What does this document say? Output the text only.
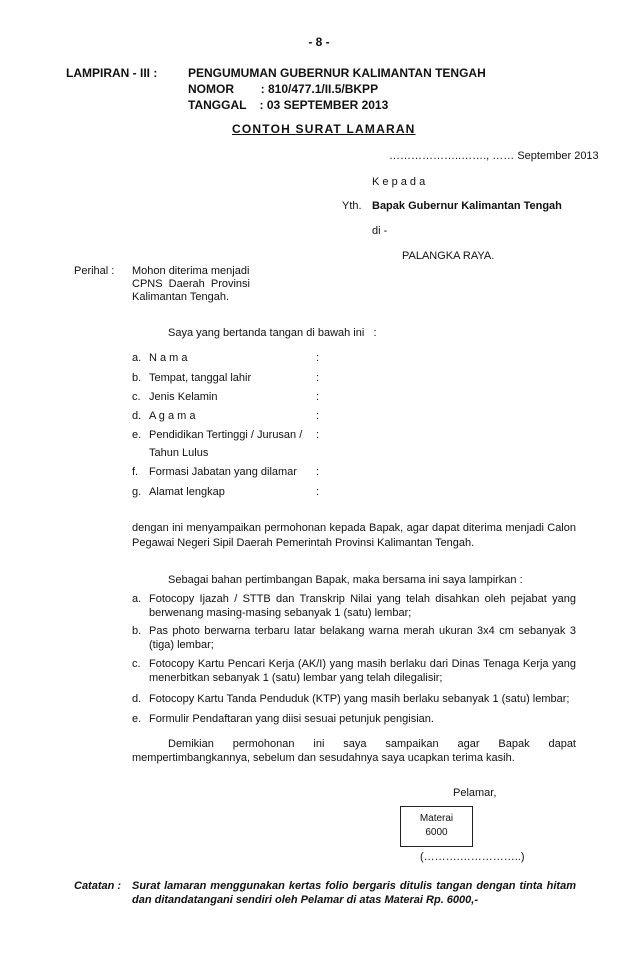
- 8 -
LAMPIRAN - III :	PENGUMUMAN GUBERNUR KALIMANTAN TENGAH
NOMOR        : 810/477.1/II.5/BKPP
TANGGAL    : 03 SEPTEMBER 2013
CONTOH SURAT LAMARAN
………………..……., …… September 2013
K e p a d a
Yth. Bapak Gubernur Kalimantan Tengah
di -
PALANGKA RAYA.
Perihal : Mohon diterima menjadi
CPNS  Daerah  Provinsi
Kalimantan Tengah.
Saya yang bertanda tangan di bawah ini   :
a. N a m a	:
b. Tempat, tanggal lahir	:
c. Jenis Kelamin	:
d. A g a m a	:
e. Pendidikan Tertinggi / Jurusan / :
Tahun Lulus
f. Formasi Jabatan yang dilamar :
g. Alamat lengkap	:
dengan ini menyampaikan permohonan kepada Bapak, agar dapat diterima menjadi Calon Pegawai Negeri Sipil Daerah Pemerintah Provinsi Kalimantan Tengah.
Sebagai bahan pertimbangan Bapak, maka bersama ini saya lampirkan :
a. Fotocopy Ijazah / STTB dan Transkrip Nilai yang telah disahkan oleh pejabat yang berwenang masing-masing sebanyak 1 (satu) lembar;
b. Pas photo berwarna terbaru latar belakang warna merah ukuran 3x4 cm sebanyak 3 (tiga) lembar;
c. Fotocopy Kartu Pencari Kerja (AK/I) yang masih berlaku dari Dinas Tenaga Kerja yang menerbitkan sebanyak 1 (satu) lembar yang telah dilegalisir;
d. Fotocopy Kartu Tanda Penduduk (KTP) yang masih berlaku sebanyak 1 (satu) lembar;
e. Formulir Pendaftaran yang diisi sesuai petunjuk pengisian.
Demikian permohonan ini saya sampaikan agar Bapak dapat
mempertimbangkannya, sebelum dan sesudahnya saya ucapkan terima kasih.
Pelamar,
Materai
6000
(……….……………..)
Catatan : Surat lamaran menggunakan kertas folio bergaris ditulis tangan dengan tinta hitam dan ditandatangani sendiri oleh Pelamar di atas Materai Rp. 6000,-
